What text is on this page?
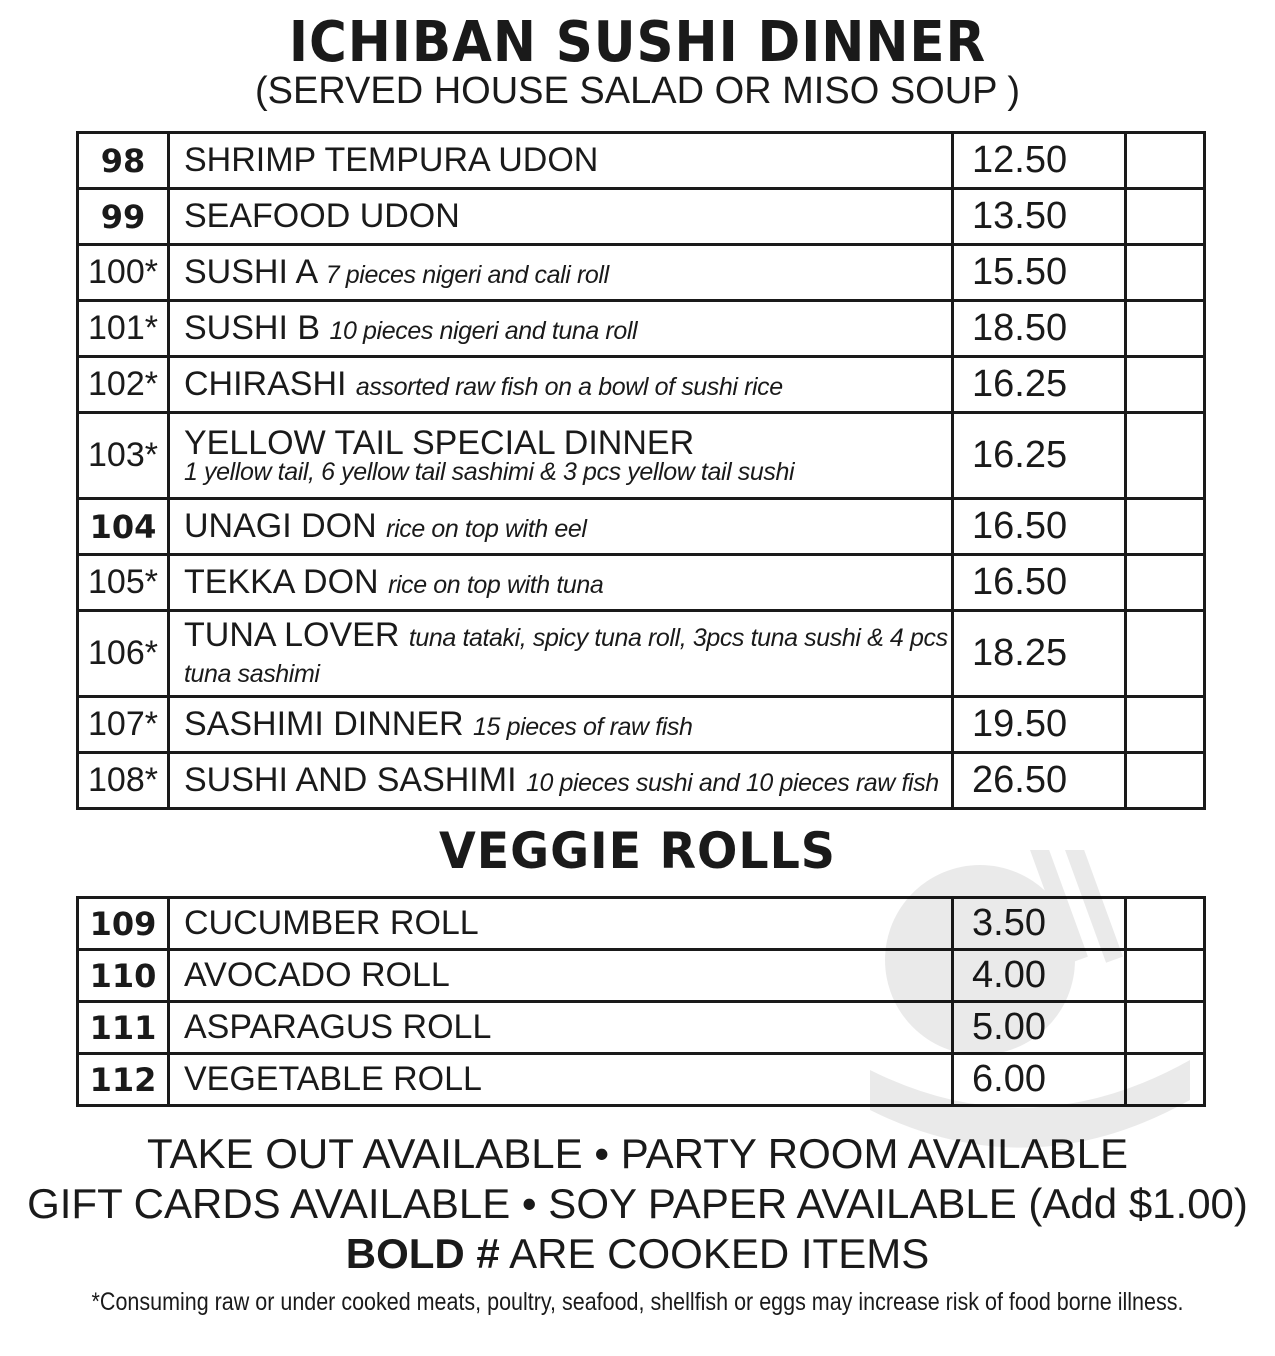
ICHIBAN SUSHI DINNER
(SERVED HOUSE SALAD OR MISO SOUP )
98	SHRIMP TEMPURA UDON	12.50	
99	SEAFOOD UDON	13.50	
100*	SUSHI A 7 pieces nigeri and cali roll	15.50	
101*	SUSHI B 10 pieces nigeri and tuna roll	18.50	
102*	CHIRASHI assorted raw fish on a bowl of sushi rice	16.25	
103*	YELLOW TAIL SPECIAL DINNER
1 yellow tail, 6 yellow tail sashimi & 3 pcs yellow tail sushi	16.25	
104	UNAGI DON rice on top with eel	16.50	
105*	TEKKA DON rice on top with tuna	16.50	
106*	TUNA LOVER tuna tataki, spicy tuna roll, 3pcs tuna sushi & 4 pcs tuna sashimi	18.25	
107*	SASHIMI DINNER 15 pieces of raw fish	19.50	
108*	SUSHI AND SASHIMI 10 pieces sushi and 10 pieces raw fish	26.50	
VEGGIE ROLLS
109	CUCUMBER ROLL	3.50	
110	AVOCADO ROLL	4.00	
111	ASPARAGUS ROLL	5.00	
112	VEGETABLE ROLL	6.00	
TAKE OUT AVAILABLE • PARTY ROOM AVAILABLE
GIFT CARDS AVAILABLE • SOY PAPER AVAILABLE (Add $1.00)
BOLD # ARE COOKED ITEMS
*Consuming raw or under cooked meats, poultry, seafood, shellfish or eggs may increase risk of food borne illness.
